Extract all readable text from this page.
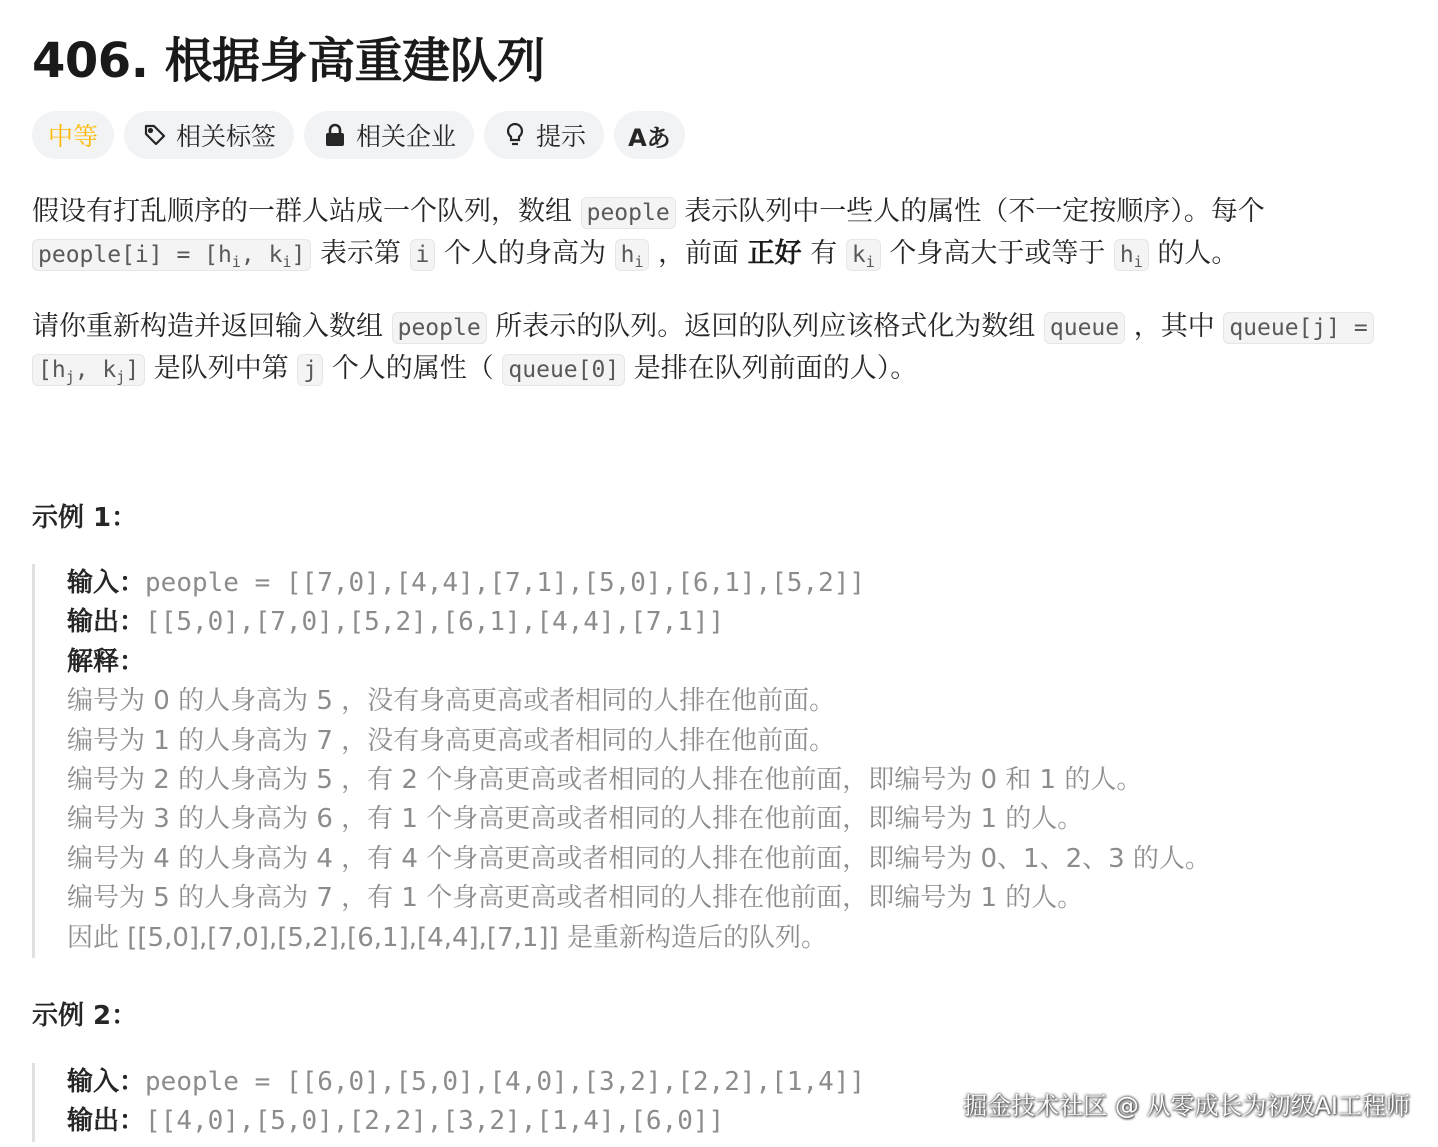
406. 根据身高重建队列
中等	相关标签	相关企业	提示 Aあ
假设有打乱顺序的一群人站成一个队列，数组 people 表示队列中一些人的属性（不一定按顺序）。每个
people[i] = [$h_i$, $k_i$] 表示第 i 个人的身高为 $h_i$ ，前面 正好 有 $k_i$ 个身高大于或等于 $h_i$ 的人。
请你重新构造并返回输入数组 people 所表示的队列。返回的队列应该格式化为数组 queue ，其中 queue[j] =
[$h_j$, $k_j$] 是队列中第 j 个人的属性（ queue[0] 是排在队列前面的人）。
示例 1：
输入：people = [[7,0],[4,4],[7,1],[5,0],[6,1],[5,2]]
输出：[[5,0],[7,0],[5,2],[6,1],[4,4],[7,1]]
解释：
编号为 0 的人身高为 5 ，没有身高更高或者相同的人排在他前面。
编号为 1 的人身高为 7 ，没有身高更高或者相同的人排在他前面。
编号为 2 的人身高为 5 ，有 2 个身高更高或者相同的人排在他前面，即编号为 0 和 1 的人。
编号为 3 的人身高为 6 ，有 1 个身高更高或者相同的人排在他前面，即编号为 1 的人。
编号为 4 的人身高为 4 ，有 4 个身高更高或者相同的人排在他前面，即编号为 0、1、2、3 的人。
编号为 5 的人身高为 7 ，有 1 个身高更高或者相同的人排在他前面，即编号为 1 的人。
因此 [[5,0],[7,0],[5,2],[6,1],[4,4],[7,1]] 是重新构造后的队列。
示例 2：
输入：people = [[6,0],[5,0],[4,0],[3,2],[2,2],[1,4]]
输出：[[4,0],[5,0],[2,2],[3,2],[1,4],[6,0]]
掘金技术社区 @ 从零成长为初级AI工程师
